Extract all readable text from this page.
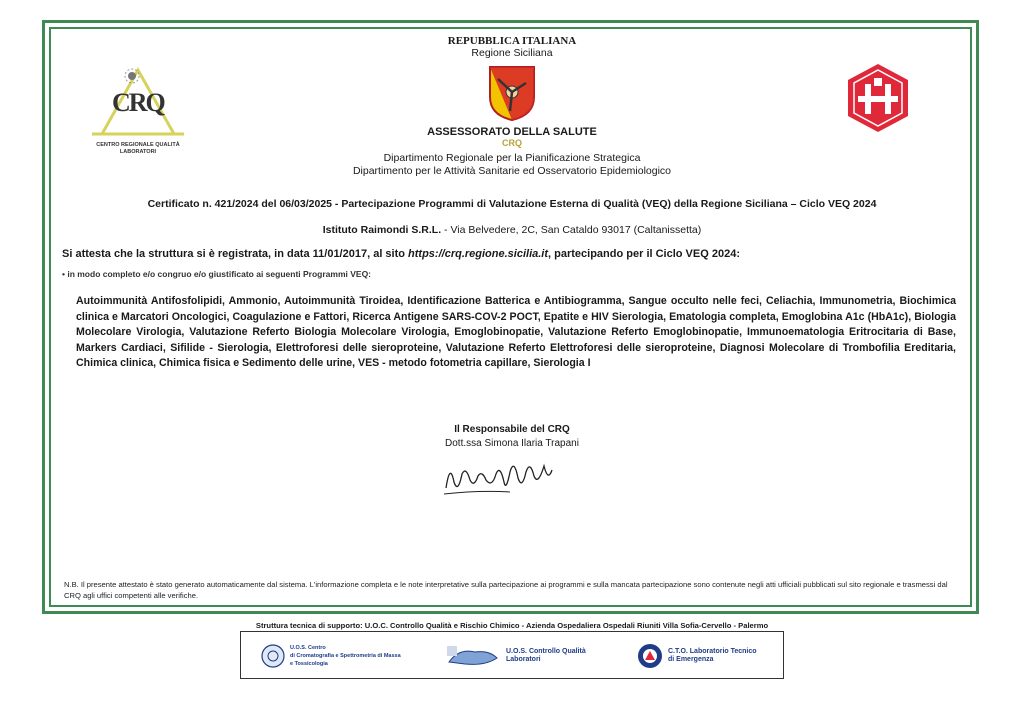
CRQ
CENTRO REGIONALE QUALITÀ
LABORATORI
REPUBBLICA ITALIANA
Regione Siciliana
ASSESSORATO DELLA SALUTE
CRQ
Dipartimento Regionale per la Pianificazione Strategica
Dipartimento per le Attività Sanitarie ed Osservatorio Epidemiologico
Certificato n. 421/2024 del 06/03/2025 - Partecipazione Programmi di Valutazione Esterna di Qualità (VEQ) della Regione Siciliana – Ciclo VEQ 2024
Istituto Raimondi S.R.L. - Via Belvedere, 2C, San Cataldo 93017 (Caltanissetta)
Si attesta che la struttura si è registrata, in data 11/01/2017, al sito https://crq.regione.sicilia.it, partecipando per il Ciclo VEQ 2024:
• in modo completo e/o congruo e/o giustificato ai seguenti Programmi VEQ:
Autoimmunità Antifosfolipidi, Ammonio, Autoimmunità Tiroidea, Identificazione Batterica e Antibiogramma, Sangue occulto nelle feci, Celiachia, Immunometria, Biochimica clinica e Marcatori Oncologici, Coagulazione e Fattori, Ricerca Antigene SARS-COV-2 POCT, Epatite e HIV Sierologia, Ematologia completa, Emoglobina A1c (HbA1c), Biologia Molecolare Virologia, Valutazione Referto Biologia Molecolare Virologia, Emoglobinopatie, Valutazione Referto Emoglobinopatie, Immunoematologia Eritrocitaria di Base, Markers Cardiaci, Sifilide - Sierologia, Elettroforesi delle sieroproteine, Valutazione Referto Elettroforesi delle sieroproteine, Diagnosi Molecolare di Trombofilia Ereditaria, Chimica clinica, Chimica fisica e Sedimento delle urine, VES - metodo fotometria capillare, Sierologia I
Il Responsabile del CRQ
Dott.ssa Simona Ilaria Trapani
N.B. Il presente attestato è stato generato automaticamente dal sistema. L'informazione completa e le note interpretative sulla partecipazione ai programmi e sulla mancata partecipazione sono contenute negli atti ufficiali pubblicati sul sito regionale e trasmessi dal CRQ agli uffici competenti alle verifiche.
Struttura tecnica di supporto: U.O.C. Controllo Qualità e Rischio Chimico - Azienda Ospedaliera Ospedali Riuniti Villa Sofia-Cervello - Palermo
U.O.S. Centro
di Cromatografia e Spettrometria di Massa
e Tossicologia
U.O.S. Controllo Qualità
Laboratori
C.T.O. Laboratorio Tecnico
di Emergenza
